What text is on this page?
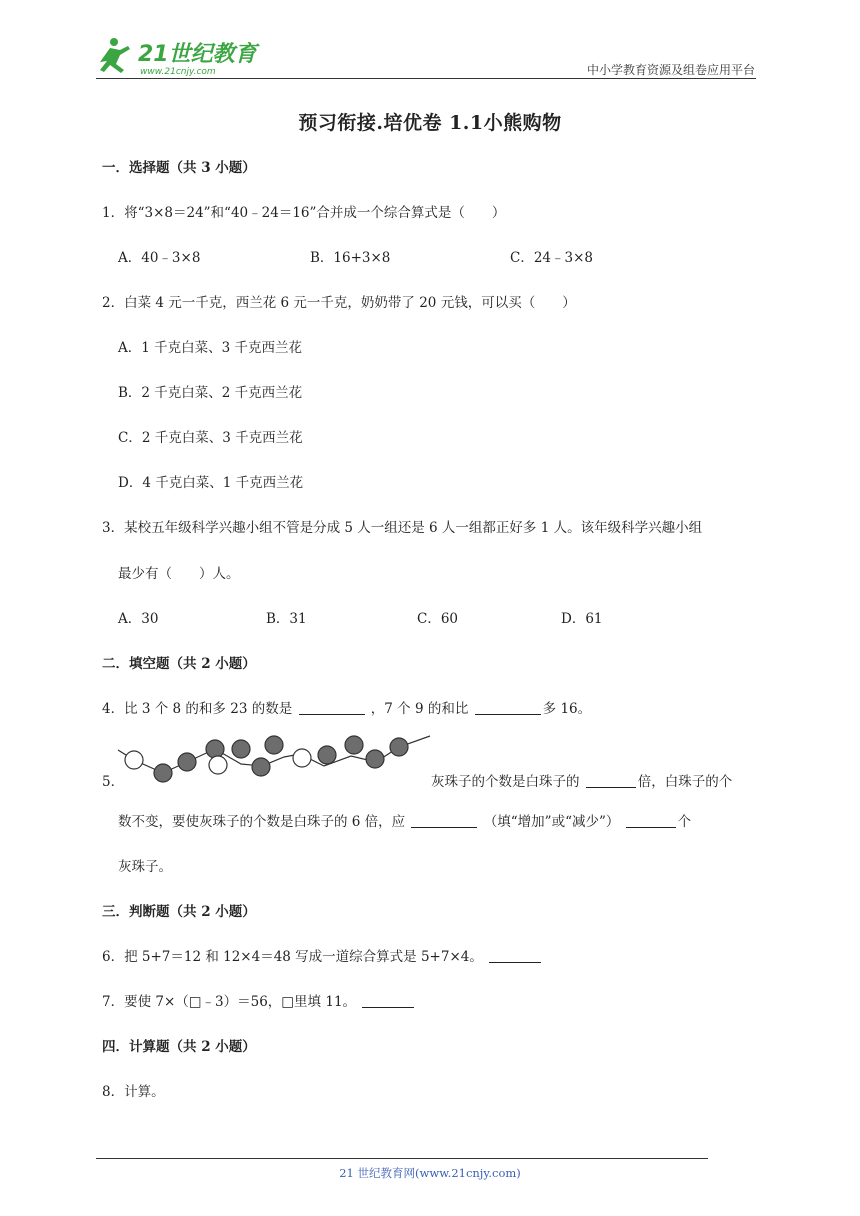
21世纪教育
www.21cnjy.com	中小学教育资源及组卷应用平台
预习衔接.培优卷 1.1小熊购物
一．选择题（共 3 小题）
1．将“3×8＝24”和“40﹣24＝16”合并成一个综合算式是（　　）
A．40﹣3×8	B．16+3×8	C．24﹣3×8
2．白菜 4 元一千克，西兰花 6 元一千克，奶奶带了 20 元钱，可以买（　　）
A．1 千克白菜、3 千克西兰花
B．2 千克白菜、2 千克西兰花
C．2 千克白菜、3 千克西兰花
D．4 千克白菜、1 千克西兰花
3．某校五年级科学兴趣小组不管是分成 5 人一组还是 6 人一组都正好多 1 人。该年级科学兴趣小组
最少有（　　）人。
A．30	B．31	C．60	D．61
二．填空题（共 2 小题）
4．比 3 个 8 的和多 23 的数是	，7 个 9 的和比	多 16。
5．	灰珠子的个数是白珠子的	倍，白珠子的个
数不变，要使灰珠子的个数是白珠子的 6 倍，应	（填“增加”或“减少”）	个
灰珠子。
三．判断题（共 2 小题）
6．把 5+7＝12 和 12×4＝48 写成一道综合算式是 5+7×4。
7．要使 7×（□﹣3）＝56，□里填 11。
四．计算题（共 2 小题）
8．计算。
21 世纪教育网(www.21cnjy.com)
